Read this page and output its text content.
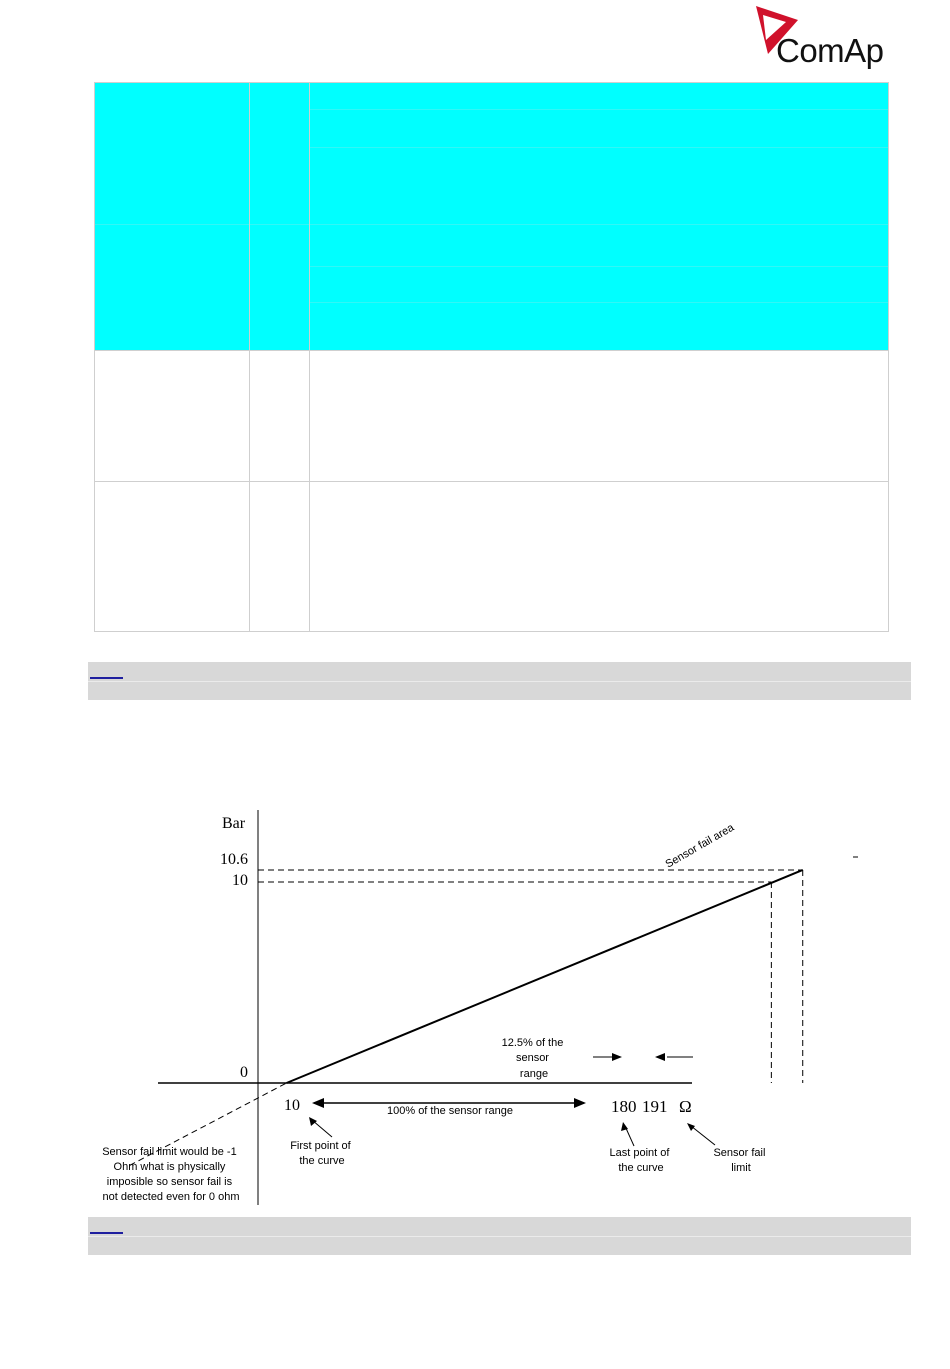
ComAp
Bar
10.6
10
0
10	180 191 Ω
100% of the sensor range
12.5% of the sensor range
Sensor fail area
First point of the curve
Last point of the curve
Sensor fail limit
Sensor fail limit would be -1 Ohm what is physically imposible so sensor fail is not detected even for 0 ohm
